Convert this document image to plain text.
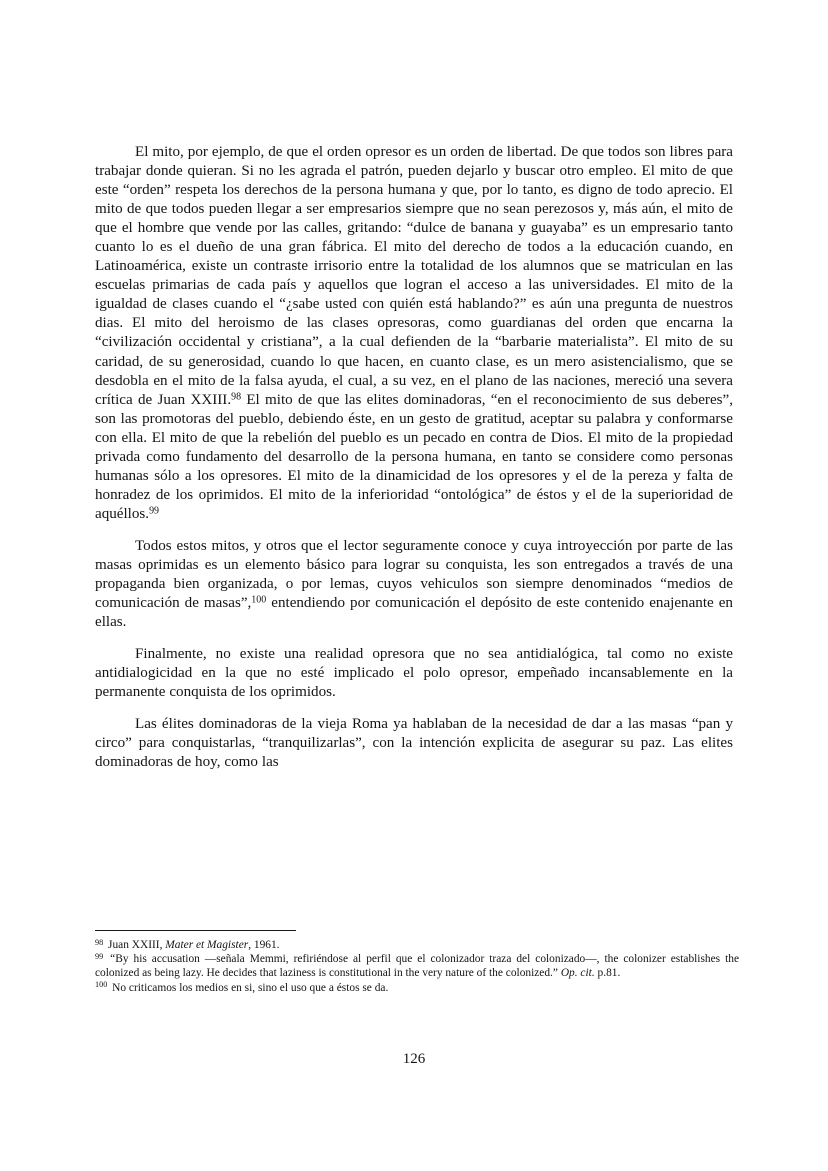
El mito, por ejemplo, de que el orden opresor es un orden de libertad. De que todos son libres para trabajar donde quieran. Si no les agrada el patrón, pueden dejarlo y buscar otro empleo. El mito de que este “orden” respeta los derechos de la persona humana y que, por lo tanto, es digno de todo aprecio. El mito de que todos pueden llegar a ser empresarios siempre que no sean perezosos y, más aún, el mito de que el hombre que vende por las calles, gritando: “dulce de banana y guayaba” es un empresario tanto cuanto lo es el dueño de una gran fábrica. El mito del derecho de todos a la educación cuando, en Latinoamérica, existe un contraste irrisorio entre la totalidad de los alumnos que se matriculan en las escuelas primarias de cada país y aquellos que logran el acceso a las universidades. El mito de la igualdad de clases cuando el “¿sabe usted con quién está hablando?” es aún una pregunta de nuestros dias. El mito del heroismo de las clases opresoras, como guardianas del orden que encarna la “civilización occidental y cristiana”, a la cual defienden de la “barbarie materialista”. El mito de su caridad, de su generosidad, cuando lo que hacen, en cuanto clase, es un mero asistencialismo, que se desdobla en el mito de la falsa ayuda, el cual, a su vez, en el plano de las naciones, mereció una severa crítica de Juan XXIII.$^{98}$ El mito de que las elites dominadoras, “en el reconocimiento de sus deberes”, son las promotoras del pueblo, debiendo éste, en un gesto de gratitud, aceptar su palabra y conformarse con ella. El mito de que la rebelión del pueblo es un pecado en contra de Dios. El mito de la propiedad privada como fundamento del desarrollo de la persona humana, en tanto se considere como personas humanas sólo a los opresores. El mito de la dinamicidad de los opresores y el de la pereza y falta de honradez de los oprimidos. El mito de la inferioridad “ontológica” de éstos y el de la superioridad de aquéllos.$^{99}$

Todos estos mitos, y otros que el lector seguramente conoce y cuya introyección por parte de las masas oprimidas es un elemento básico para lograr su conquista, les son entregados a través de una propaganda bien organizada, o por lemas, cuyos vehiculos son siempre denominados “medios de comunicación de masas”,$^{100}$ entendiendo por comunicación el depósito de este contenido enajenante en ellas.

Finalmente, no existe una realidad opresora que no sea antidialógica, tal como no existe antidialogicidad en la que no esté implicado el polo opresor, empeñado incansablemente en la permanente conquista de los oprimidos.

Las élites dominadoras de la vieja Roma ya hablaban de la necesidad de dar a las masas “pan y circo” para conquistarlas, “tranquilizarlas”, con la intención explicita de asegurar su paz. Las elites dominadoras de hoy, como las

$^{98}$ Juan XXIII, Mater et Magister, 1961.

$^{99}$ “By his accusation —señala Memmi, refiriéndose al perfil que el colonizador traza del colonizado—, the colonizer establishes the colonized as being lazy. He decides that laziness is constitutional in the very nature of the colonized.” Op. cit. p.81.

$^{100}$ No criticamos los medios en si, sino el uso que a éstos se da.

126
